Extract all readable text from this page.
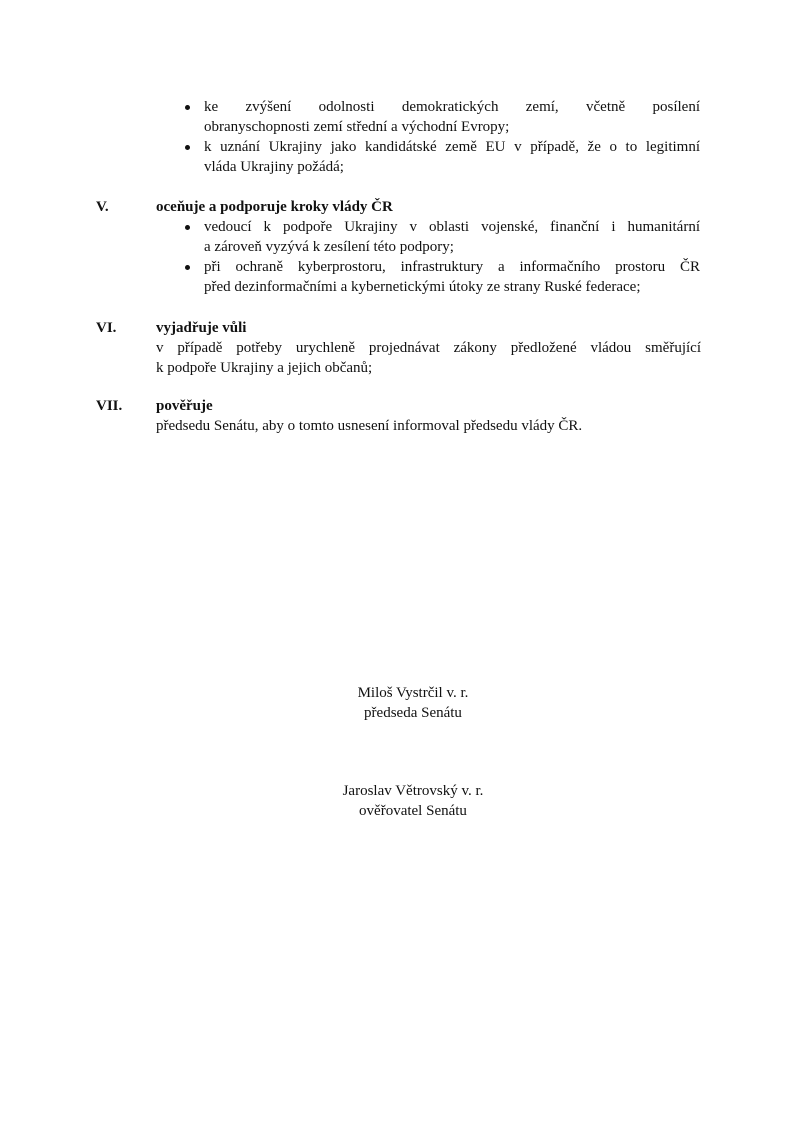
ke zvýšení odolnosti demokratických zemí, včetně posílení
obranyschopnosti zemí střední a východní Evropy;
k uznání Ukrajiny jako kandidátské země EU v případě, že o to legitimní
vláda Ukrajiny požádá;
V.	oceňuje a podporuje kroky vlády ČR
vedoucí k podpoře Ukrajiny v oblasti vojenské, finanční i humanitární
a zároveň vyzývá k zesílení této podpory;
při ochraně kyberprostoru, infrastruktury a informačního prostoru ČR
před dezinformačními a kybernetickými útoky ze strany Ruské federace;
VI.	vyjadřuje vůli
v případě potřeby urychleně projednávat zákony předložené vládou směřující
k podpoře Ukrajiny a jejich občanů;
VII. pověřuje
předsedu Senátu, aby o tomto usnesení informoval předsedu vlády ČR.
Miloš Vystrčil v. r.
předseda Senátu
Jaroslav Větrovský v. r.
ověřovatel Senátu
